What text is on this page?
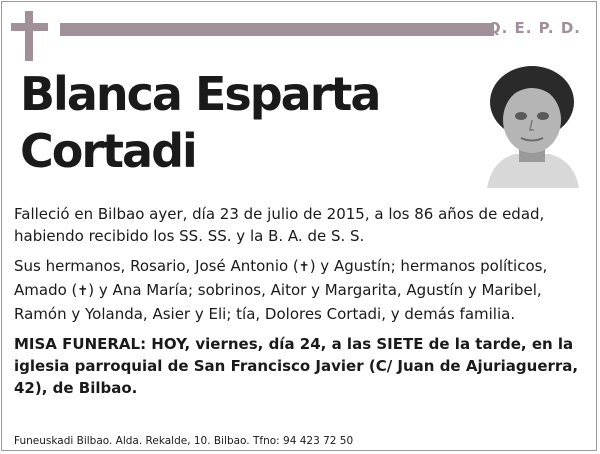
Q. E. P. D.
Blanca Esparta
Cortadi
Falleció en Bilbao ayer, día 23 de julio de 2015, a los 86 años de edad, habiendo recibido los SS. SS. y la B. A. de S. S.
Sus hermanos, Rosario, José Antonio (✝) y Agustín; hermanos políticos, Amado (✝) y Ana María; sobrinos, Aitor y Margarita, Agustín y Maribel, Ramón y Yolanda, Asier y Eli; tía, Dolores Cortadi, y demás familia.
MISA FUNERAL: HOY, viernes, día 24, a las SIETE de la tarde, en la iglesia parroquial de San Francisco Javier (C/ Juan de Ajuriaguerra, 42), de Bilbao.
Funeuskadi Bilbao. Alda. Rekalde, 10. Bilbao. Tfno: 94 423 72 50
